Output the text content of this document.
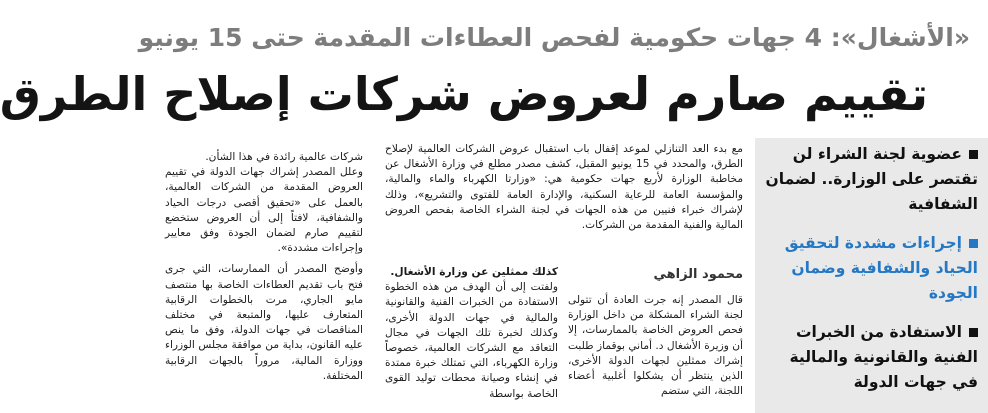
«الأشغال»: 4 جهات حكومية لفحص العطاءات المقدمة حتى 15 يونيو
تقييم صارم لعروض شركات إصلاح الطرق
عضوية لجنة الشراء لن تقتصر على الوزارة.. لضمان الشفافية
إجراءات مشددة لتحقيق الحياد والشفافية وضمان الجودة
الاستفادة من الخبرات الفنية والقانونية والمالية في جهات الدولة

مع بدء العد التنازلي لموعد إقفال باب استقبال عروض الشركات العالمية لإصلاح الطرق، والمحدد في 15 يونيو المقبل، كشف مصدر مطلع في وزارة الأشغال عن مخاطبة الوزارة لأربع جهات حكومية هي: «وزارتا الكهرباء والماء والمالية، والمؤسسة العامة للرعاية السكنية، والإدارة العامة للفتوى والتشريع»، وذلك لإشراك خبراء فنيين من هذه الجهات في لجنة الشراء الخاصة بفحص العروض المالية والفنية المقدمة من الشركات.

محمود الزاهي

قال المصدر إنه جرت العادة أن تتولى لجنة الشراء المشكلة من داخل الوزارة فحص العروض الخاصة بالممارسات، إلا أن وزيرة الأشغال د. أماني بوقماز طلبت إشراك ممثلين لجهات الدولة الأخرى، الذين ينتظر أن يشكلوا أغلبية أعضاء اللجنة، التي ستضم

كذلك ممثلين عن وزارة الأشغال.

ولفتت إلى أن الهدف من هذه الخطوة الاستفادة من الخبرات الفنية والقانونية والمالية في جهات الدولة الأخرى، وكذلك لخبرة تلك الجهات في مجال التعاقد مع الشركات العالمية، خصوصاً وزارة الكهرباء، التي تمتلك خبرة ممتدة في إنشاء وصيانة محطات توليد القوى الخاصة بواسطة

شركات عالمية رائدة في هذا الشأن.

وعلل المصدر إشراك جهات الدولة في تقييم العروض المقدمة من الشركات العالمية، بالعمل على «تحقيق أقصى درجات الحياد والشفافية، لافتاً إلى أن العروض ستخضع لتقييم صارم لضمان الجودة وفق معايير وإجراءات مشددة».

وأوضح المصدر أن الممارسات، التي جرى فتح باب تقديم العطاءات الخاصة بها منتصف مايو الجاري، مرت بالخطوات الرقابية المتعارف عليها، والمتبعة في مختلف المناقصات في جهات الدولة، وفق ما ينص عليه القانون، بداية من موافقة مجلس الوزراء ووزارة المالية، مروراً بالجهات الرقابية المختلفة.
